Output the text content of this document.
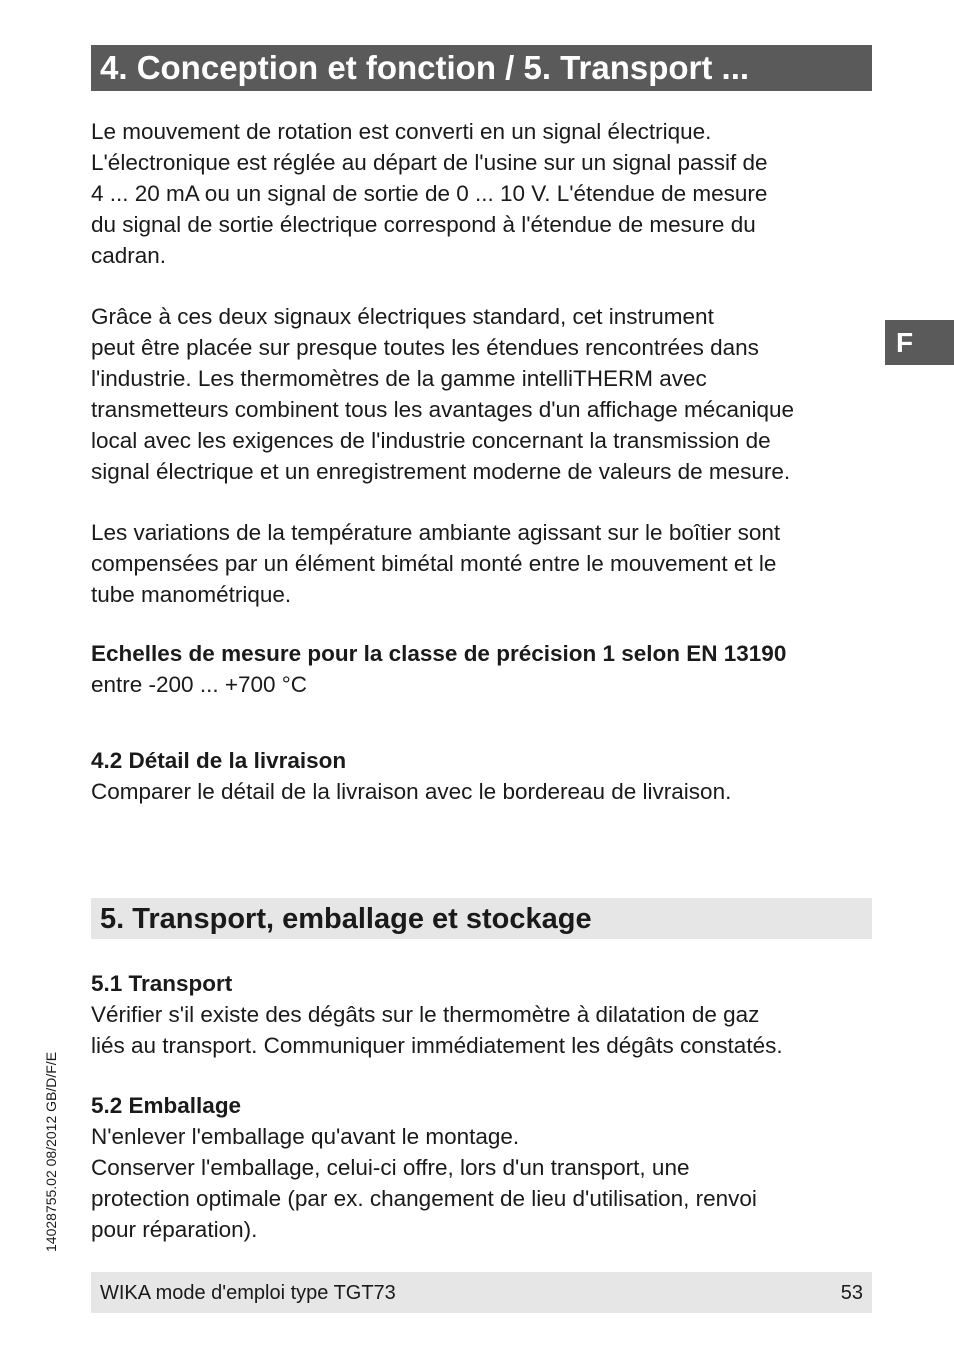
4. Conception et fonction / 5. Transport ...
F
Le mouvement de rotation est converti en un signal électrique.
L'électronique est réglée au départ de l'usine sur un signal passif de
4 ... 20 mA ou un signal de sortie de 0 ... 10 V. L'étendue de mesure
du signal de sortie électrique correspond à l'étendue de mesure du
cadran.
Grâce à ces deux signaux électriques standard, cet instrument
peut être placée sur presque toutes les étendues rencontrées dans
l'industrie. Les thermomètres de la gamme intelliTHERM avec
transmetteurs combinent tous les avantages d'un affichage mécanique
local avec les exigences de l'industrie concernant la transmission de
signal électrique et un enregistrement moderne de valeurs de mesure.
Les variations de la température ambiante agissant sur le boîtier sont
compensées par un élément bimétal monté entre le mouvement et le
tube manométrique.
Echelles de mesure pour la classe de précision 1 selon EN 13190
entre -200 ... +700 °C
4.2 Détail de la livraison
Comparer le détail de la livraison avec le bordereau de livraison.
5. Transport, emballage et stockage
5.1 Transport
Vérifier s'il existe des dégâts sur le thermomètre à dilatation de gaz
liés au transport. Communiquer immédiatement les dégâts constatés.
5.2 Emballage
N'enlever l'emballage qu'avant le montage.
Conserver l'emballage, celui-ci offre, lors d'un transport, une
protection optimale (par ex. changement de lieu d'utilisation, renvoi
pour réparation).
14028755.02 08/2012 GB/D/F/E
WIKA mode d'emploi type TGT73	53
